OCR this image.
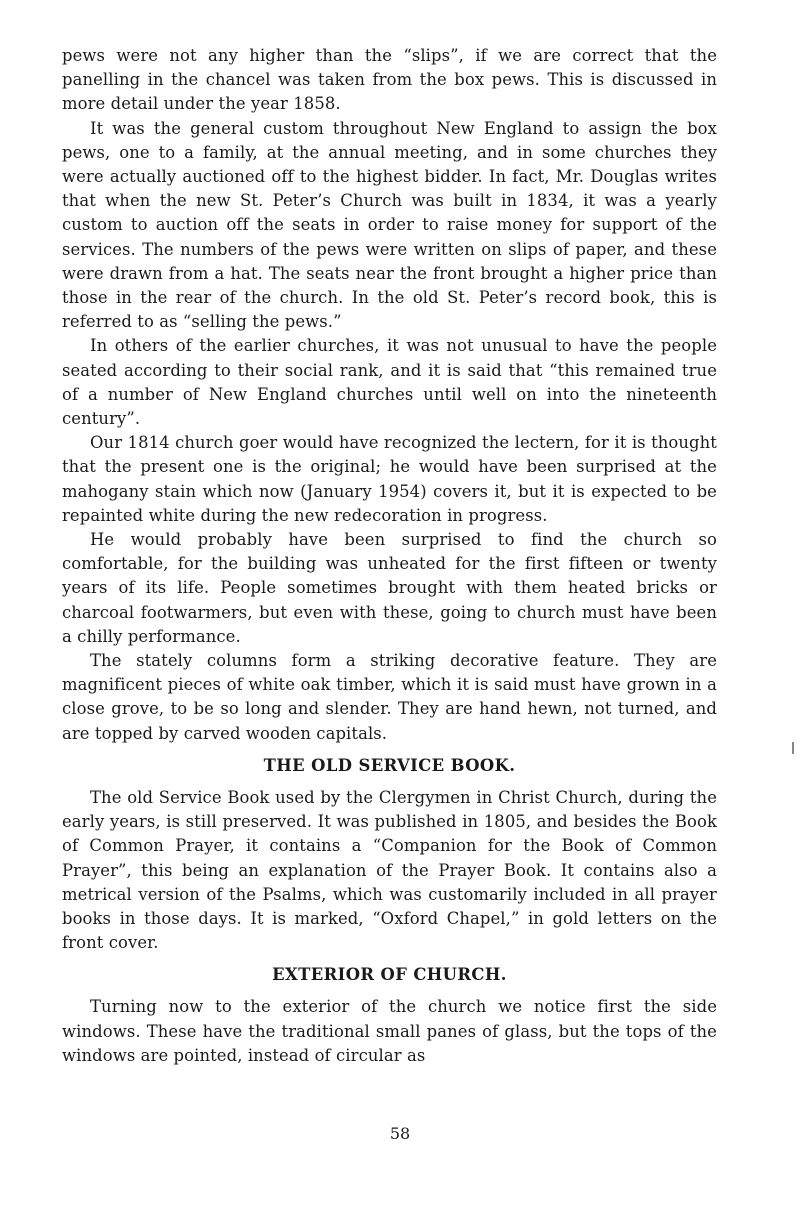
pews were not any higher than the “slips”, if we are correct that the panelling in the chancel was taken from the box pews. This is discussed in more detail under the year 1858.

It was the general custom throughout New England to assign the box pews, one to a family, at the annual meeting, and in some churches they were actually auctioned off to the highest bidder. In fact, Mr. Douglas writes that when the new St. Peter’s Church was built in 1834, it was a yearly custom to auction off the seats in order to raise money for support of the services. The numbers of the pews were written on slips of paper, and these were drawn from a hat. The seats near the front brought a higher price than those in the rear of the church. In the old St. Peter’s record book, this is referred to as “selling the pews.”

In others of the earlier churches, it was not unusual to have the people seated according to their social rank, and it is said that “this remained true of a number of New England churches until well on into the nineteenth century”.

Our 1814 church goer would have recognized the lectern, for it is thought that the present one is the original; he would have been surprised at the mahogany stain which now (January 1954) covers it, but it is expected to be repainted white during the new redecoration in progress.

He would probably have been surprised to find the church so comfortable, for the building was unheated for the first fifteen or twenty years of its life. People sometimes brought with them heated bricks or charcoal footwarmers, but even with these, going to church must have been a chilly performance.

The stately columns form a striking decorative feature. They are magnificent pieces of white oak timber, which it is said must have grown in a close grove, to be so long and slender. They are hand hewn, not turned, and are topped by carved wooden capitals.

THE OLD SERVICE BOOK.

The old Service Book used by the Clergymen in Christ Church, during the early years, is still preserved. It was published in 1805, and besides the Book of Common Prayer, it contains a “Companion for the Book of Common Prayer”, this being an explanation of the Prayer Book. It contains also a metrical version of the Psalms, which was customarily included in all prayer books in those days. It is marked, “Oxford Chapel,” in gold letters on the front cover.

EXTERIOR OF CHURCH.

Turning now to the exterior of the church we notice first the side windows. These have the traditional small panes of glass, but the tops of the windows are pointed, instead of circular as

58
